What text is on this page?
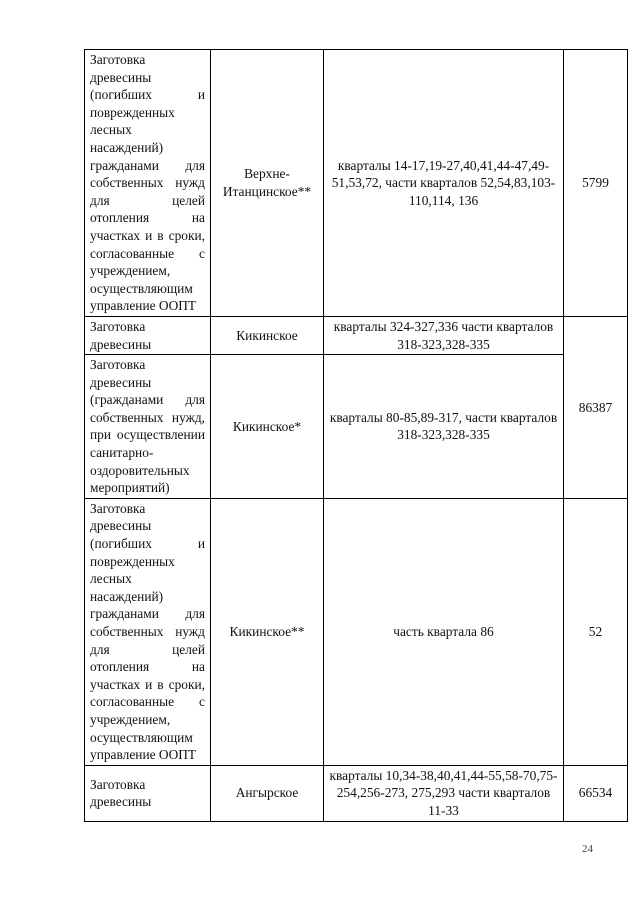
Заготовка древесины (погибших и поврежденных лесных насаждений) гражданами для собственных нужд для целей отопления на участках и в сроки, согласованные с учреждением, осуществляющим управление ООПТ	Верхне-Итанцинское**	кварталы 14-17,19-27,40,41,44-47,49-51,53,72, части кварталов 52,54,83,103-110,114, 136	5799
Заготовка древесины	Кикинское	кварталы 324-327,336 части кварталов 318-323,328-335	86387
Заготовка древесины (гражданами для собственных нужд, при осуществлении санитарно-оздоровительных мероприятий)	Кикинское*	кварталы 80-85,89-317, части кварталов 318-323,328-335	
Заготовка древесины (погибших и поврежденных лесных насаждений) гражданами для собственных нужд для целей отопления на участках и в сроки, согласованные с учреждением, осуществляющим управление ООПТ	Кикинское**	часть квартала 86	52
Заготовка древесины	Ангырское	кварталы 10,34-38,40,41,44-55,58-70,75-254,256-273, 275,293 части кварталов 11-33	66534
24
